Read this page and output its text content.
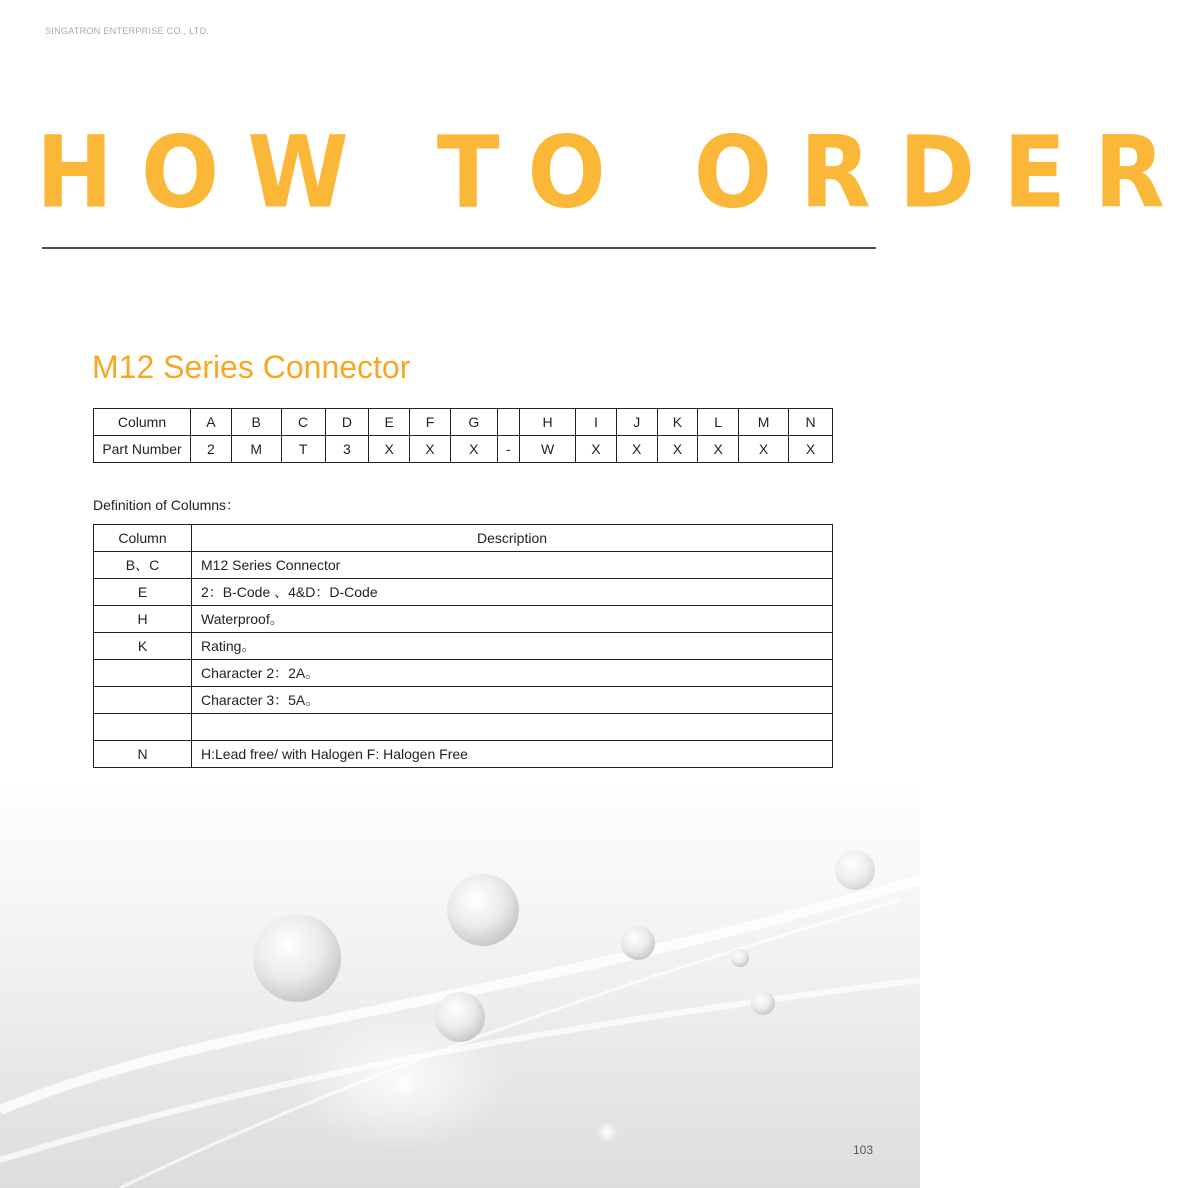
SINGATRON ENTERPRISE CO., LTD.
HOW TO ORDER
M12 Series Connector
Column	A	B	C	D	E	F	G		H	I	J	K	L	M	N
Part Number	2	M	T	3	X	X	X	-	W	X	X	X	X	X	X
Definition of Columns：
Column	Description
B、C	M12 Series Connector
E	2：B-Code 、4&D：D-Code
H	Waterproof。
K	Rating。
	Character 2：2A。
	Character 3：5A。

N	H:Lead free/ with Halogen F: Halogen Free
103
